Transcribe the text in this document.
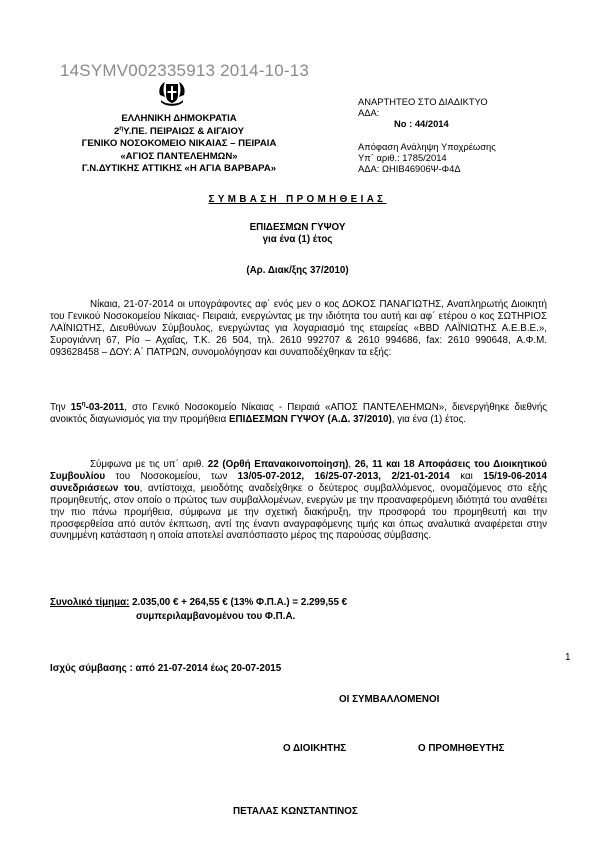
14SYMV002335913 2014-10-13
ΕΛΛΗΝΙΚΗ ΔΗΜΟΚΡΑΤΙΑ
$2^\eta\Upsilon.\Pi E$. ΠΕΙΡΑΙΩΣ & ΑΙΓΑΙΟΥ
ΓΕΝΙΚΟ ΝΟΣΟΚΟΜΕΙΟ ΝΙΚΑΙΑΣ – ΠΕΙΡΑΙΑ
«ΑΓΙΟΣ ΠΑΝΤΕΛΕΗΜΩΝ»
Γ.Ν.ΔΥΤΙΚΗΣ ΑΤΤΙΚΗΣ «Η ΑΓΙΑ ΒΑΡΒΑΡΑ»
ΑΝΑΡΤΗΤΕΟ ΣΤΟ ΔΙΑΔΙΚΤΥΟ
ΑΔΑ:
Νο : 44/2014
Απόφαση Ανάληψη Υποχρέωσης
Υπ΄ αριθ.: 1785/2014
ΑΔΑ: ΩΗΙΒ46906Ψ-Φ4Δ
ΣΥΜΒΑΣΗ ΠΡΟΜΗΘΕΙΑΣ
ΕΠΙΔΕΣΜΩΝ ΓΥΨΟΥ
για ένα (1) έτος
(Αρ. Διακ/ξης 37/2010)
Νίκαια, 21-07-2014 οι υπογράφοντες αφ΄ ενός μεν ο κος ΔΟΚΟΣ ΠΑΝΑΓΙΩΤΗΣ, Αναπληρωτής Διοικητή του Γενικού Νοσοκομείου Νίκαιας- Πειραιά, ενεργώντας με την ιδιότητα του αυτή και αφ΄ ετέρου ο κος ΣΩΤΗΡΙΟΣ ΛΑΪΝΙΩΤΗΣ, Διευθύνων Σύμβουλος, ενεργώντας για λογαριασμό της εταιρείας «BBD ΛΑΪΝΙΩΤΗΣ Α.Ε.Β.Ε.», Συρογιάννη 67, Ρίο – Αχαΐας, Τ.Κ. 26 504, τηλ. 2610 992707 & 2610 994686, fax: 2610 990648, Α.Φ.Μ. 093628458 – ΔΟΥ: Α΄ ΠΑΤΡΩΝ, συνομολόγησαν και συναποδέχθηκαν τα εξής:
Την $15^\eta-03-2011$, στο Γενικό Νοσοκομείο Νίκαιας - Πειραιά «ΑΠΟΣ ΠΑΝΤΕΛΕΗΜΩΝ», διενεργήθηκε διεθνής ανοικτός διαγωνισμός για την προμήθεια ΕΠΙΔΕΣΜΩΝ ΓΥΨΟΥ (Α.Δ. 37/2010), για ένα (1) έτος.
Σύμφωνα με τις υπ΄ αριθ. 22 (Ορθή Επανακοινοποίηση), 26, 11 και 18 Αποφάσεις του Διοικητικού Συμβουλίου του Νοσοκομείου, των 13/05-07-2012, 16/25-07-2013, 2/21-01-2014 και 15/19-06-2014 συνεδριάσεων του, αντίστοιχα, μειοδότης αναδείχθηκε ο δεύτερος συμβαλλόμενος, ονομαζόμενος στο εξής προμηθευτής, στον οποίο ο πρώτος των συμβαλλομένων, ενεργών με την προαναφερόμενη ιδιότητά του αναθέτει την πιο πάνω προμήθεια, σύμφωνα με την σχετική διακήρυξη, την προσφορά του προμηθευτή και την προσφερθείσα από αυτόν έκπτωση, αντί της έναντι αναγραφόμενης τιμής και όπως αναλυτικά αναφέρεται στην συνημμένη κατάσταση η οποία αποτελεί αναπόσπαστο μέρος της παρούσας σύμβασης.
Συνολικό τίμημα: 2.035,00 € + 264,55 € (13% Φ.Π.Α.) = 2.299,55 €
συμπεριλαμβανομένου του Φ.Π.Α.
1
Ισχύς σύμβασης : από 21-07-2014 έως 20-07-2015
ΟΙ ΣΥΜΒΑΛΛΟΜΕΝΟΙ
Ο ΔΙΟΙΚΗΤΗΣ	Ο ΠΡΟΜΗΘΕΥΤΗΣ
ΠΕΤΑΛΑΣ ΚΩΝΣΤΑΝΤΙΝΟΣ
